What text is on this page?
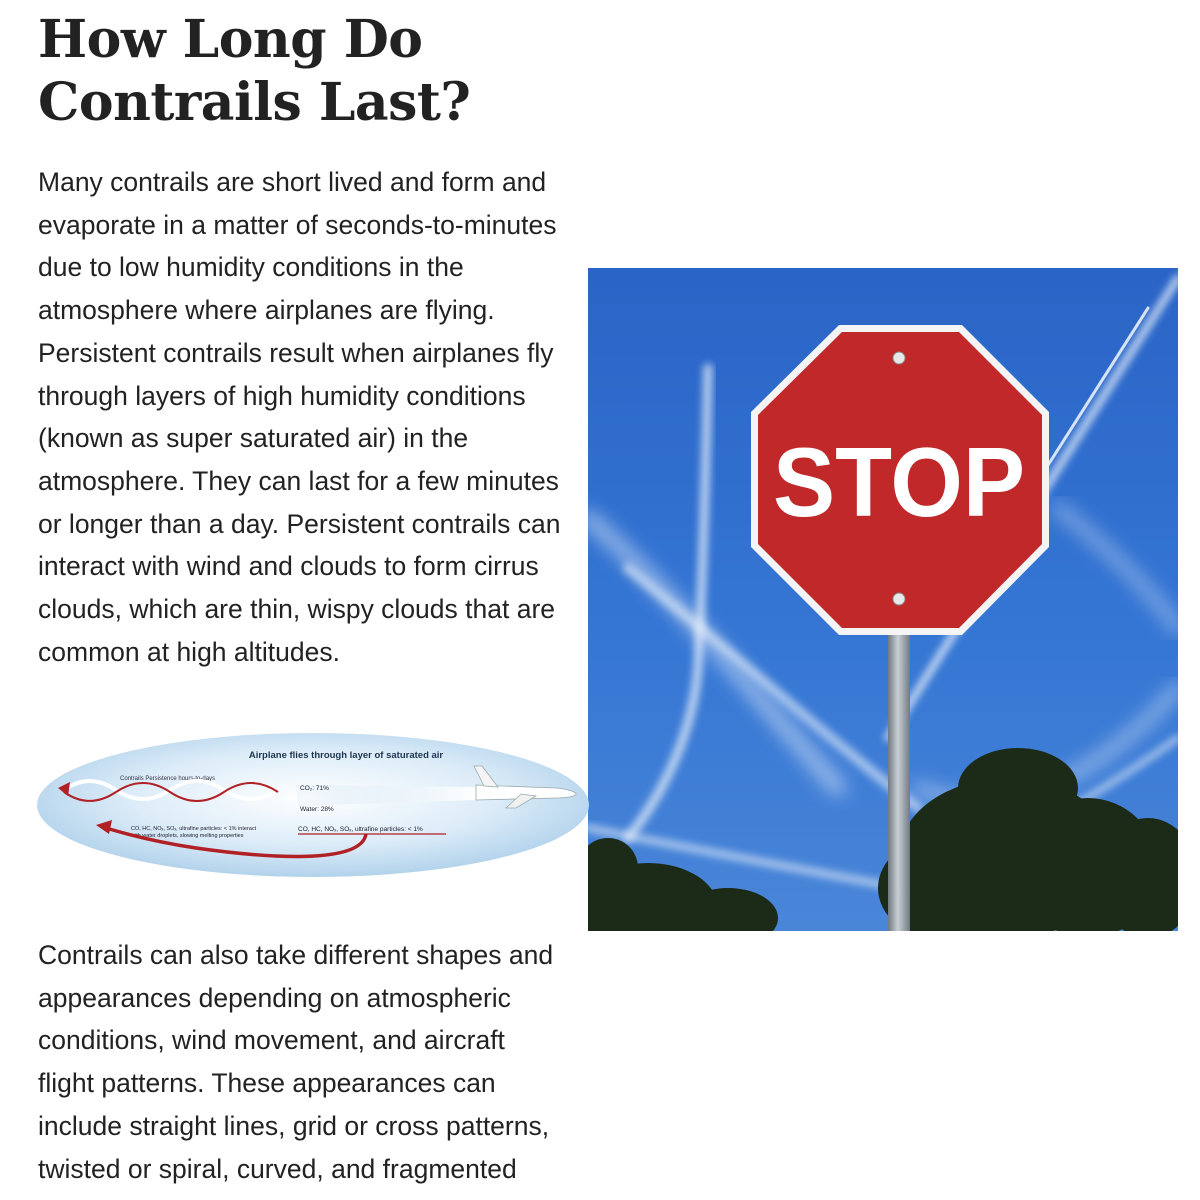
How Long Do
Contrails Last?

Many contrails are short lived and form and
evaporate in a matter of seconds-to-minutes
due to low humidity conditions in the
atmosphere where airplanes are flying.
Persistent contrails result when airplanes fly
through layers of high humidity conditions
(known as super saturated air) in the
atmosphere. They can last for a few minutes
or longer than a day. Persistent contrails can
interact with wind and clouds to form cirrus
clouds, which are thin, wispy clouds that are
common at high altitudes.

STOP
Airplane flies through layer of saturated air
Contrails Persistence hours-to-days
CO₂: 71%
Water: 28%
CO, HC, NOₓ, SOₓ, ultrafine particles: < 1%
CO, HC, NOₓ, SOₓ, ultrafine particles: < 1% interact with water droplets, slowing melting properties

Contrails can also take different shapes and
appearances depending on atmospheric
conditions, wind movement, and aircraft
flight patterns. These appearances can
include straight lines, grid or cross patterns,
twisted or spiral, curved, and fragmented
